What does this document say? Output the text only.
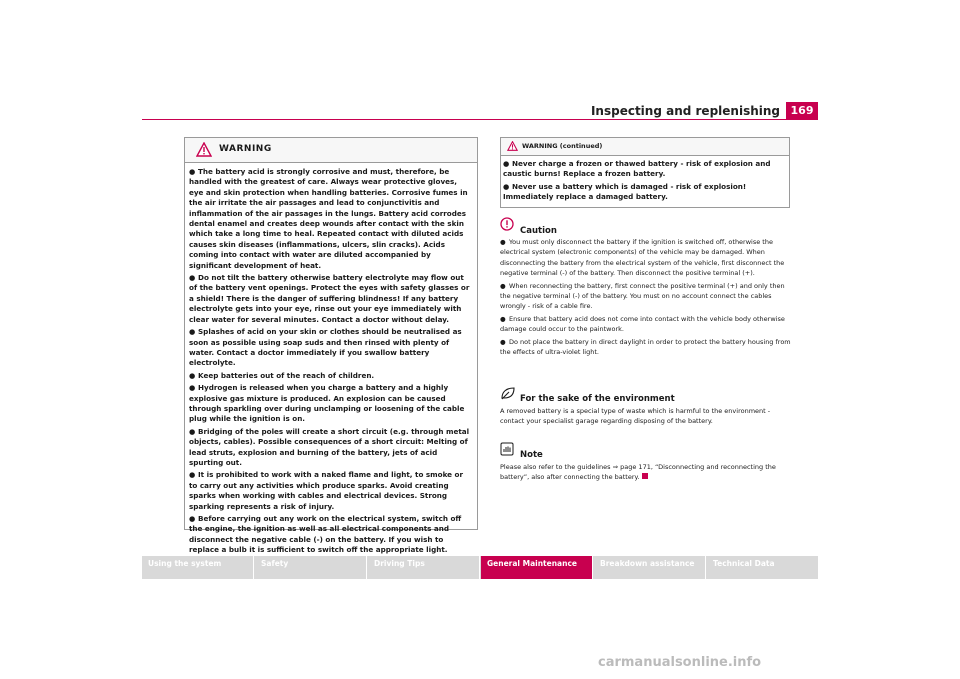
Inspecting and replenishing 169
WARNING

● The battery acid is strongly corrosive and must, therefore, be handled with the greatest of care. Always wear protective gloves, eye and skin protection when handling batteries. Corrosive fumes in the air irritate the air passages and lead to conjunctivitis and inflammation of the air passages in the lungs. Battery acid corrodes dental enamel and creates deep wounds after contact with the skin which take a long time to heal. Repeated contact with diluted acids causes skin diseases (inflammations, ulcers, slin cracks). Acids coming into contact with water are diluted accompanied by significant development of heat.

● Do not tilt the battery otherwise battery electrolyte may flow out of the battery vent openings. Protect the eyes with safety glasses or a shield! There is the danger of suffering blindness! If any battery electrolyte gets into your eye, rinse out your eye immediately with clear water for several minutes. Contact a doctor without delay.

● Splashes of acid on your skin or clothes should be neutralised as soon as possible using soap suds and then rinsed with plenty of water. Contact a doctor immediately if you swallow battery electrolyte.

● Keep batteries out of the reach of children.

● Hydrogen is released when you charge a battery and a highly explosive gas mixture is produced. An explosion can be caused through sparkling over during unclamping or loosening of the cable plug while the ignition is on.

● Bridging of the poles will create a short circuit (e.g. through metal objects, cables). Possible consequences of a short circuit: Melting of lead struts, explosion and burning of the battery, jets of acid spurting out.

● It is prohibited to work with a naked flame and light, to smoke or to carry out any activities which produce sparks. Avoid creating sparks when working with cables and electrical devices. Strong sparking represents a risk of injury.

● Before carrying out any work on the electrical system, switch off the engine, the ignition as well as all electrical components and disconnect the negative cable (-) on the battery. If you wish to replace a bulb it is sufficient to switch off the appropriate light.

WARNING (continued)

● Never charge a frozen or thawed battery - risk of explosion and caustic burns! Replace a frozen battery.

● Never use a battery which is damaged - risk of explosion! Immediately replace a damaged battery.

Caution

● You must only disconnect the battery if the ignition is switched off, otherwise the electrical system (electronic components) of the vehicle may be damaged. When disconnecting the battery from the electrical system of the vehicle, first disconnect the negative terminal (-) of the battery. Then disconnect the positive terminal (+).

● When reconnecting the battery, first connect the positive terminal (+) and only then the negative terminal (-) of the battery. You must on no account connect the cables wrongly - risk of a cable fire.

● Ensure that battery acid does not come into contact with the vehicle body otherwise damage could occur to the paintwork.

● Do not place the battery in direct daylight in order to protect the battery housing from the effects of ultra-violet light.

For the sake of the environment

A removed battery is a special type of waste which is harmful to the environment - contact your specialist garage regarding disposing of the battery.

Note

Please also refer to the guidelines ⇒ page 171, “Disconnecting and reconnecting the battery”, also after connecting the battery.

Using the system	Safety	Driving Tips	General Maintenance	Breakdown assistance	Technical Data
carmanualsonline.info
